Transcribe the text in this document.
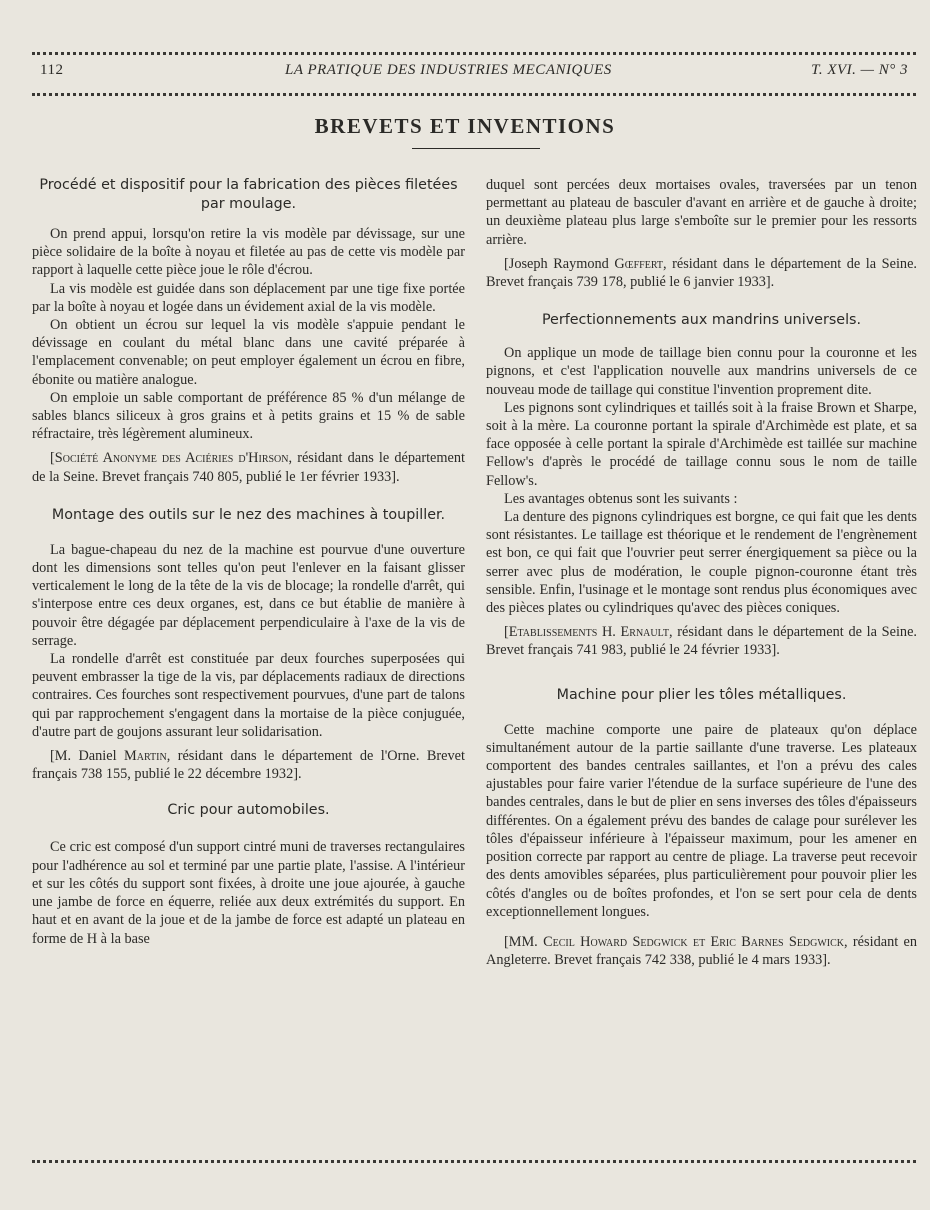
112	LA PRATIQUE DES INDUSTRIES MECANIQUES	T. XVI. — N° 3
BREVETS ET INVENTIONS
Procédé et dispositif pour la fabrication des pièces filetées par moulage.

On prend appui, lorsqu'on retire la vis modèle par dévissage, sur une pièce solidaire de la boîte à noyau et filetée au pas de cette vis modèle par rapport à laquelle cette pièce joue le rôle d'écrou.

La vis modèle est guidée dans son déplacement par une tige fixe portée par la boîte à noyau et logée dans un évidement axial de la vis modèle.

On obtient un écrou sur lequel la vis modèle s'appuie pendant le dévissage en coulant du métal blanc dans une cavité préparée à l'emplacement convenable; on peut employer également un écrou en fibre, ébonite ou matière analogue.

On emploie un sable comportant de préférence 85 % d'un mélange de sables blancs siliceux à gros grains et à petits grains et 15 % de sable réfractaire, très légèrement alumineux.

[Société Anonyme des Aciéries d'Hirson, résidant dans le département de la Seine. Brevet français 740 805, publié le 1er février 1933].

Montage des outils sur le nez des machines à toupiller.

La bague-chapeau du nez de la machine est pourvue d'une ouverture dont les dimensions sont telles qu'on peut l'enlever en la faisant glisser verticalement le long de la tête de la vis de blocage; la rondelle d'arrêt, qui s'interpose entre ces deux organes, est, dans ce but établie de manière à pouvoir être dégagée par déplacement perpendiculaire à l'axe de la vis de serrage.

La rondelle d'arrêt est constituée par deux fourches superposées qui peuvent embrasser la tige de la vis, par déplacements radiaux de directions contraires. Ces fourches sont respectivement pourvues, d'une part de talons qui par rapprochement s'engagent dans la mortaise de la pièce conjuguée, d'autre part de goujons assurant leur solidarisation.

[M. Daniel Martin, résidant dans le département de l'Orne. Brevet français 738 155, publié le 22 décembre 1932].

Cric pour automobiles.

Ce cric est composé d'un support cintré muni de traverses rectangulaires pour l'adhérence au sol et terminé par une partie plate, l'assise. A l'intérieur et sur les côtés du support sont fixées, à droite une joue ajourée, à gauche une jambe de force en équerre, reliée aux deux extrémités du support. En haut et en avant de la joue et de la jambe de force est adapté un plateau en forme de H à la base

duquel sont percées deux mortaises ovales, traversées par un tenon permettant au plateau de basculer d'avant en arrière et de gauche à droite; un deuxième plateau plus large s'emboîte sur le premier pour les ressorts arrière.

[Joseph Raymond Gœffert, résidant dans le département de la Seine. Brevet français 739 178, publié le 6 janvier 1933].

Perfectionnements aux mandrins universels.

On applique un mode de taillage bien connu pour la couronne et les pignons, et c'est l'application nouvelle aux mandrins universels de ce nouveau mode de taillage qui constitue l'invention proprement dite.

Les pignons sont cylindriques et taillés soit à la fraise Brown et Sharpe, soit à la mère. La couronne portant la spirale d'Archimède est plate, et sa face opposée à celle portant la spirale d'Archimède est taillée sur machine Fellow's d'après le procédé de taillage connu sous le nom de taille Fellow's.

Les avantages obtenus sont les suivants :

La denture des pignons cylindriques est borgne, ce qui fait que les dents sont résistantes. Le taillage est théorique et le rendement de l'engrènement est bon, ce qui fait que l'ouvrier peut serrer énergiquement sa pièce ou la serrer avec plus de modération, le couple pignon-couronne étant très sensible. Enfin, l'usinage et le montage sont rendus plus économiques avec des pièces plates ou cylindriques qu'avec des pièces coniques.

[Etablissements H. Ernault, résidant dans le département de la Seine. Brevet français 741 983, publié le 24 février 1933].

Machine pour plier les tôles métalliques.

Cette machine comporte une paire de plateaux qu'on déplace simultanément autour de la partie saillante d'une traverse. Les plateaux comportent des bandes centrales saillantes, et l'on a prévu des cales ajustables pour faire varier l'étendue de la surface supérieure de l'une des bandes centrales, dans le but de plier en sens inverses des tôles d'épaisseurs différentes. On a également prévu des bandes de calage pour surélever les tôles d'épaisseur inférieure à l'épaisseur maximum, pour les amener en position correcte par rapport au centre de pliage. La traverse peut recevoir des dents amovibles séparées, plus particulièrement pour pouvoir plier les côtés d'angles ou de boîtes profondes, et l'on se sert pour cela de dents exceptionnellement longues.

[MM. Cecil Howard Sedgwick et Eric Barnes Sedgwick, résidant en Angleterre. Brevet français 742 338, publié le 4 mars 1933].
